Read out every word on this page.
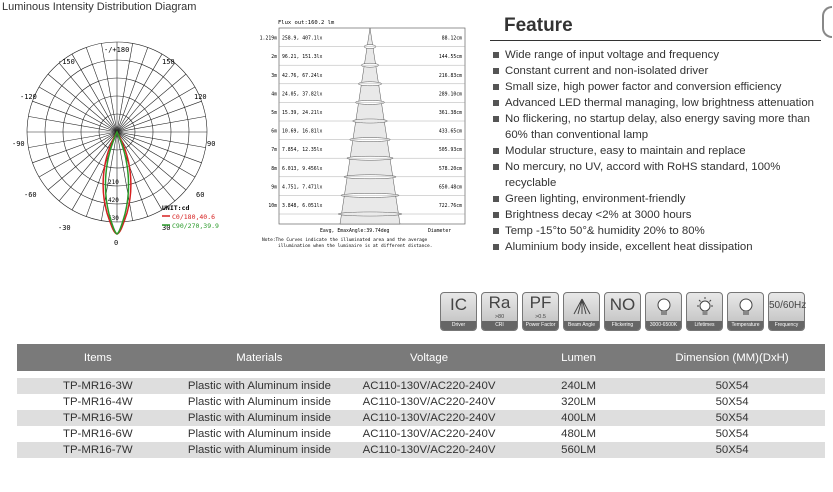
Luminous Intensity Distribution Diagram
-/+180
-150	150
-120	120
-90	90
-60	60
-30	30
0
210
420
630
UNIT:cd
C0/180,40.6
C90/270,39.9
Flux out:160.2 lm
1.219m 258.9, 407.1lx	88.12cm
2m 96.21, 151.3lx	144.55cm
3m 42.76, 67.24lx	216.83cm
4m 24.05, 37.82lx	289.10cm
5m 15.39, 24.21lx	361.38cm
6m 10.69, 16.81lx	433.65cm
7m 7.854, 12.35lx	505.93cm
8m 6.013, 9.456lx	578.20cm
9m 4.751, 7.471lx	650.48cm
10m 3.848, 6.051lx	722.76cm
Eavg, Emax Angle:39.74deg	Diameter
Note:The Curves indicate the illuminated area and the average
illumination when the luminaire is at different distance.
Feature
Wide range of input voltage and frequency
Constant current and non-isolated driver
Small size, high power factor and conversion efficiency
Advanced LED thermal managing, low brightness attenuation
No flickering, no startup delay, also energy saving more than 60% than conventional lamp
Modular structure, easy to maintain and replace
No mercury, no UV, accord with RoHS standard, 100% recyclable
Green lighting, environment-friendly
Brightness decay <2% at 3000 hours
Temp -15°to 50°& humidity 20% to 80%
Aluminium body inside, excellent heat dissipation
IC
Driver
Ra
>80
CRI
PF
>0.5
Power Factor	Beam Angle
NO
Flickering	3000-6500K	Lifetimes	Temperature
50/60Hz
Frequency
Items	Materials	Voltage	Lumen	Dimension (MM)(DxH)

TP-MR16-3W	Plastic with Aluminum inside	AC110-130V/AC220-240V	240LM	50X54
TP-MR16-4W	Plastic with Aluminum inside	AC110-130V/AC220-240V	320LM	50X54
TP-MR16-5W	Plastic with Aluminum inside	AC110-130V/AC220-240V	400LM	50X54
TP-MR16-6W	Plastic with Aluminum inside	AC110-130V/AC220-240V	480LM	50X54
TP-MR16-7W	Plastic with Aluminum inside	AC110-130V/AC220-240V	560LM	50X54
